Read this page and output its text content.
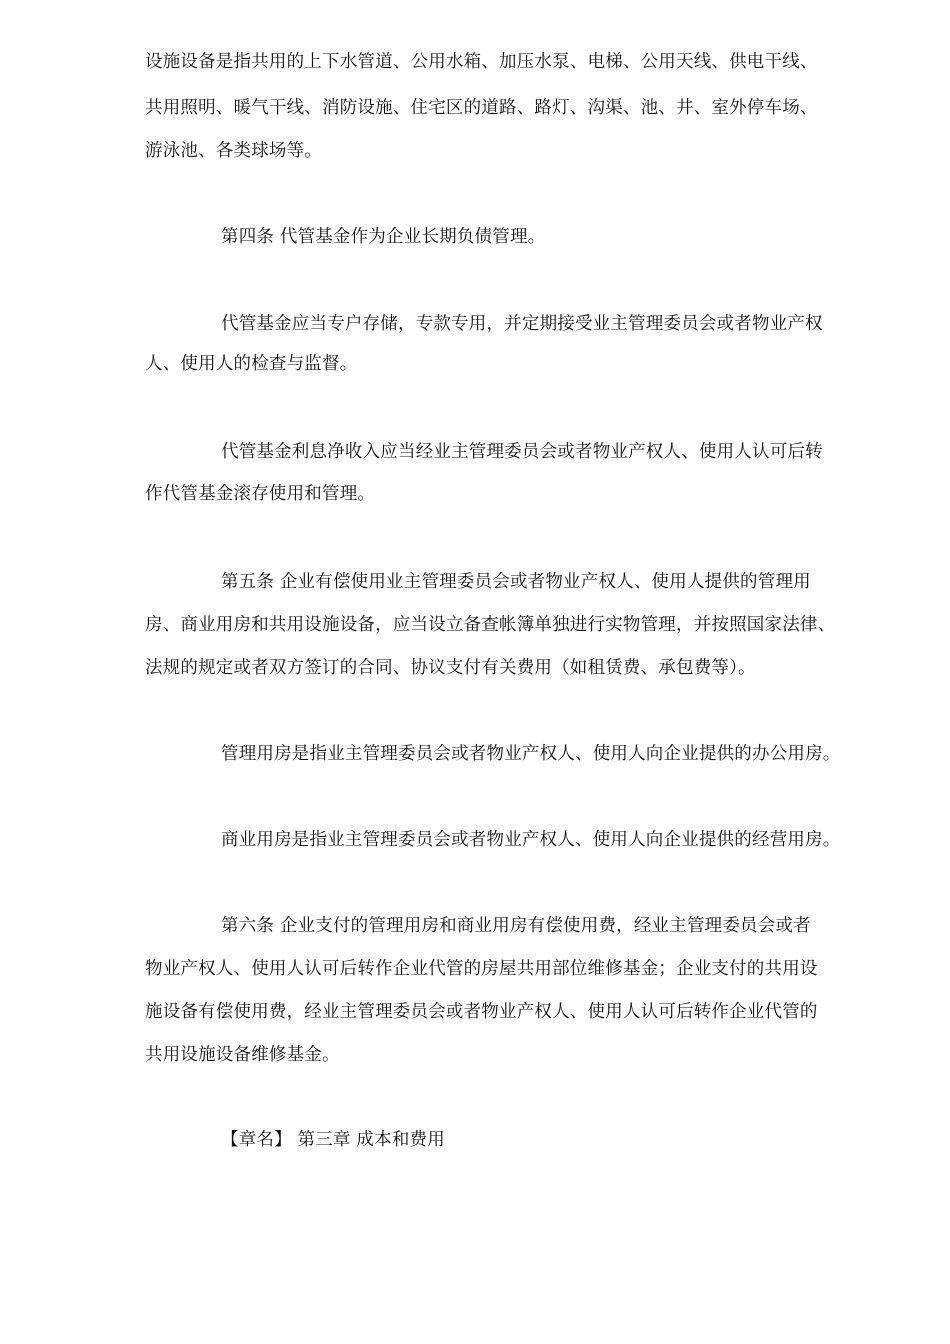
设施设备是指共用的上下水管道、公用水箱、加压水泵、电梯、公用天线、供电干线、
共用照明、暖气干线、消防设施、住宅区的道路、路灯、沟渠、池、井、室外停车场、
游泳池、各类球场等。
第四条 代管基金作为企业长期负债管理。
代管基金应当专户存储，专款专用，并定期接受业主管理委员会或者物业产权
人、使用人的检查与监督。
代管基金利息净收入应当经业主管理委员会或者物业产权人、使用人认可后转
作代管基金滚存使用和管理。
第五条 企业有偿使用业主管理委员会或者物业产权人、使用人提供的管理用
房、商业用房和共用设施设备，应当设立备查帐簿单独进行实物管理，并按照国家法律、
法规的规定或者双方签订的合同、协议支付有关费用（如租赁费、承包费等）。
管理用房是指业主管理委员会或者物业产权人、使用人向企业提供的办公用房。
商业用房是指业主管理委员会或者物业产权人、使用人向企业提供的经营用房。
第六条 企业支付的管理用房和商业用房有偿使用费，经业主管理委员会或者
物业产权人、使用人认可后转作企业代管的房屋共用部位维修基金；企业支付的共用设
施设备有偿使用费，经业主管理委员会或者物业产权人、使用人认可后转作企业代管的
共用设施设备维修基金。
【章名】 第三章 成本和费用
